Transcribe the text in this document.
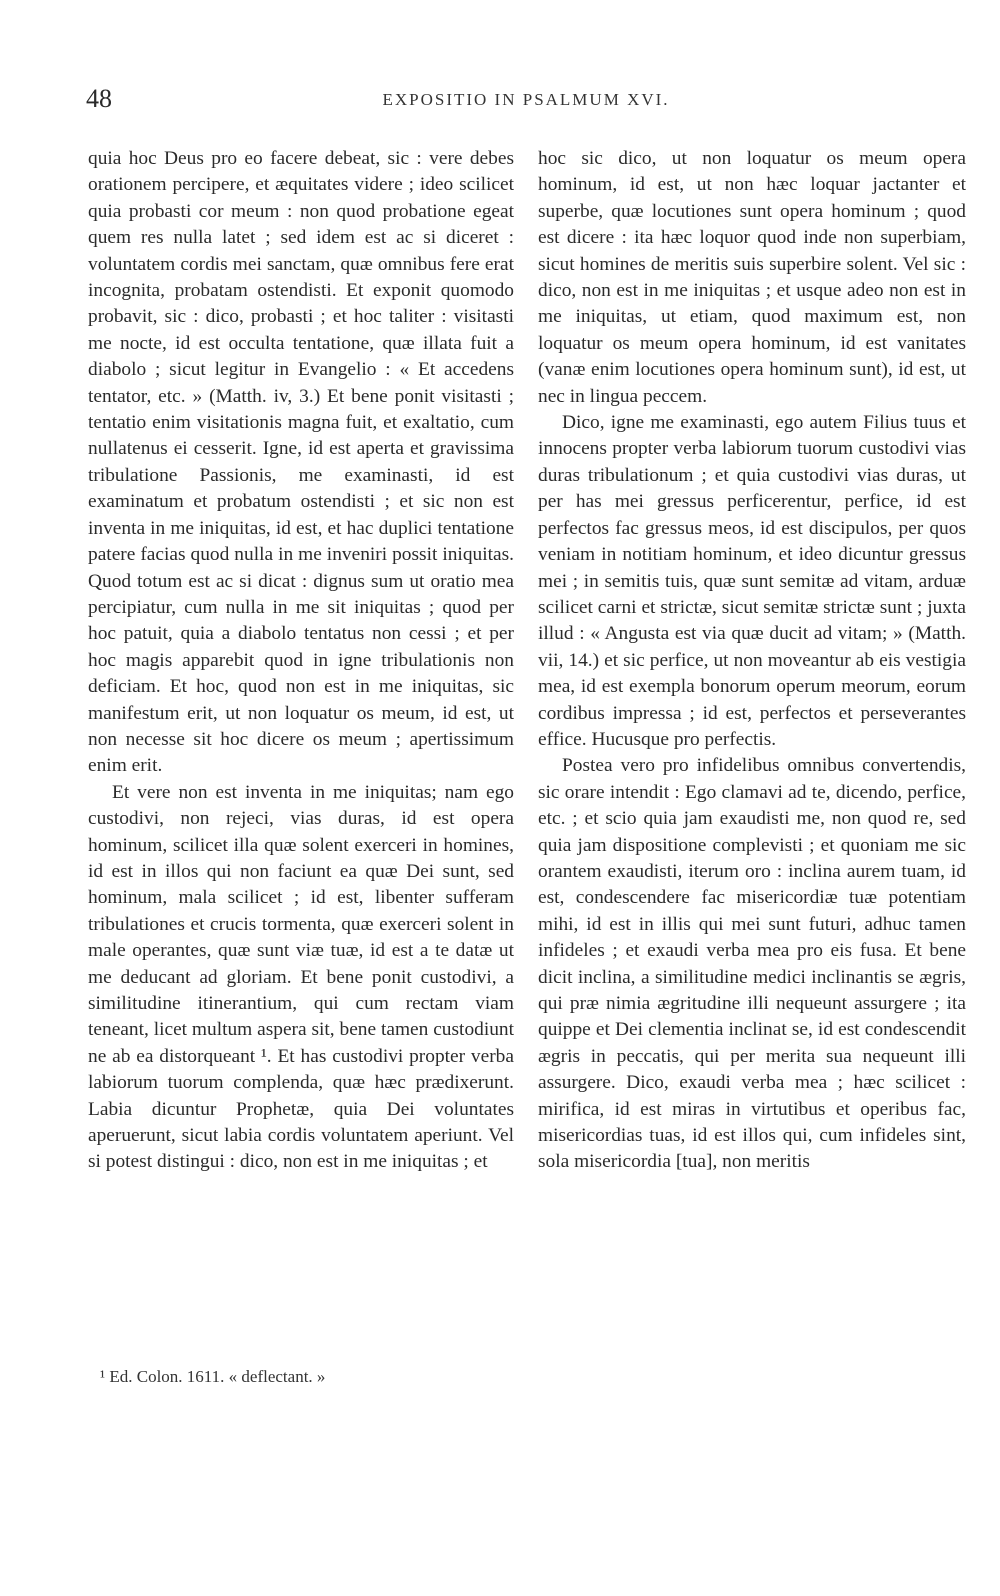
48	EXPOSITIO IN PSALMUM XVI.

quia hoc Deus pro eo facere debeat, sic : vere debes orationem percipere, et æquitates videre ; ideo scilicet quia probasti cor meum : non quod probatione egeat quem res nulla latet ; sed idem est ac si diceret : voluntatem cordis mei sanctam, quæ omnibus fere erat incognita, probatam ostendisti. Et exponit quomodo probavit, sic : dico, probasti ; et hoc taliter : visitasti me nocte, id est occulta tentatione, quæ illata fuit a diabolo ; sicut legitur in Evangelio : « Et accedens tentator, etc. » (Matth. iv, 3.) Et bene ponit visitasti ; tentatio enim visitationis magna fuit, et exaltatio, cum nullatenus ei cesserit. Igne, id est aperta et gravissima tribulatione Passionis, me examinasti, id est examinatum et probatum ostendisti ; et sic non est inventa in me iniquitas, id est, et hac duplici tentatione patere facias quod nulla in me inveniri possit iniquitas. Quod totum est ac si dicat : dignus sum ut oratio mea percipiatur, cum nulla in me sit iniquitas ; quod per hoc patuit, quia a diabolo tentatus non cessi ; et per hoc magis apparebit quod in igne tribulationis non deficiam. Et hoc, quod non est in me iniquitas, sic manifestum erit, ut non loquatur os meum, id est, ut non necesse sit hoc dicere os meum ; apertissimum enim erit.

Et vere non est inventa in me iniquitas; nam ego custodivi, non rejeci, vias duras, id est opera hominum, scilicet illa quæ solent exerceri in homines, id est in illos qui non faciunt ea quæ Dei sunt, sed hominum, mala scilicet ; id est, libenter sufferam tribulationes et crucis tormenta, quæ exerceri solent in male operantes, quæ sunt viæ tuæ, id est a te datæ ut me deducant ad gloriam. Et bene ponit custodivi, a similitudine itinerantium, qui cum rectam viam teneant, licet multum aspera sit, bene tamen custodiunt ne ab ea distorqueant ¹. Et has custodivi propter verba labiorum tuorum complenda, quæ hæc prædixerunt. Labia dicuntur Prophetæ, quia Dei voluntates aperuerunt, sicut labia cordis voluntatem aperiunt. Vel si potest distingui : dico, non est in me iniquitas ; et

hoc sic dico, ut non loquatur os meum opera hominum, id est, ut non hæc loquar jactanter et superbe, quæ locutiones sunt opera hominum ; quod est dicere : ita hæc loquor quod inde non superbiam, sicut homines de meritis suis superbire solent. Vel sic : dico, non est in me iniquitas ; et usque adeo non est in me iniquitas, ut etiam, quod maximum est, non loquatur os meum opera hominum, id est vanitates (vanæ enim locutiones opera hominum sunt), id est, ut nec in lingua peccem.

Dico, igne me examinasti, ego autem Filius tuus et innocens propter verba labiorum tuorum custodivi vias duras tribulationum ; et quia custodivi vias duras, ut per has mei gressus perficerentur, perfice, id est perfectos fac gressus meos, id est discipulos, per quos veniam in notitiam hominum, et ideo dicuntur gressus mei ; in semitis tuis, quæ sunt semitæ ad vitam, arduæ scilicet carni et strictæ, sicut semitæ strictæ sunt ; juxta illud : « Angusta est via quæ ducit ad vitam; » (Matth. vii, 14.) et sic perfice, ut non moveantur ab eis vestigia mea, id est exempla bonorum operum meorum, eorum cordibus impressa ; id est, perfectos et perseverantes effice. Hucusque pro perfectis.

Postea vero pro infidelibus omnibus convertendis, sic orare intendit : Ego clamavi ad te, dicendo, perfice, etc. ; et scio quia jam exaudisti me, non quod re, sed quia jam dispositione complevisti ; et quoniam me sic orantem exaudisti, iterum oro : inclina aurem tuam, id est, condescendere fac misericordiæ tuæ potentiam mihi, id est in illis qui mei sunt futuri, adhuc tamen infideles ; et exaudi verba mea pro eis fusa. Et bene dicit inclina, a similitudine medici inclinantis se ægris, qui præ nimia ægritudine illi nequeunt assurgere ; ita quippe et Dei clementia inclinat se, id est condescendit ægris in peccatis, qui per merita sua nequeunt illi assurgere. Dico, exaudi verba mea ; hæc scilicet : mirifica, id est miras in virtutibus et operibus fac, misericordias tuas, id est illos qui, cum infideles sint, sola misericordia [tua], non meritis

¹ Ed. Colon. 1611. « deflectant. »
